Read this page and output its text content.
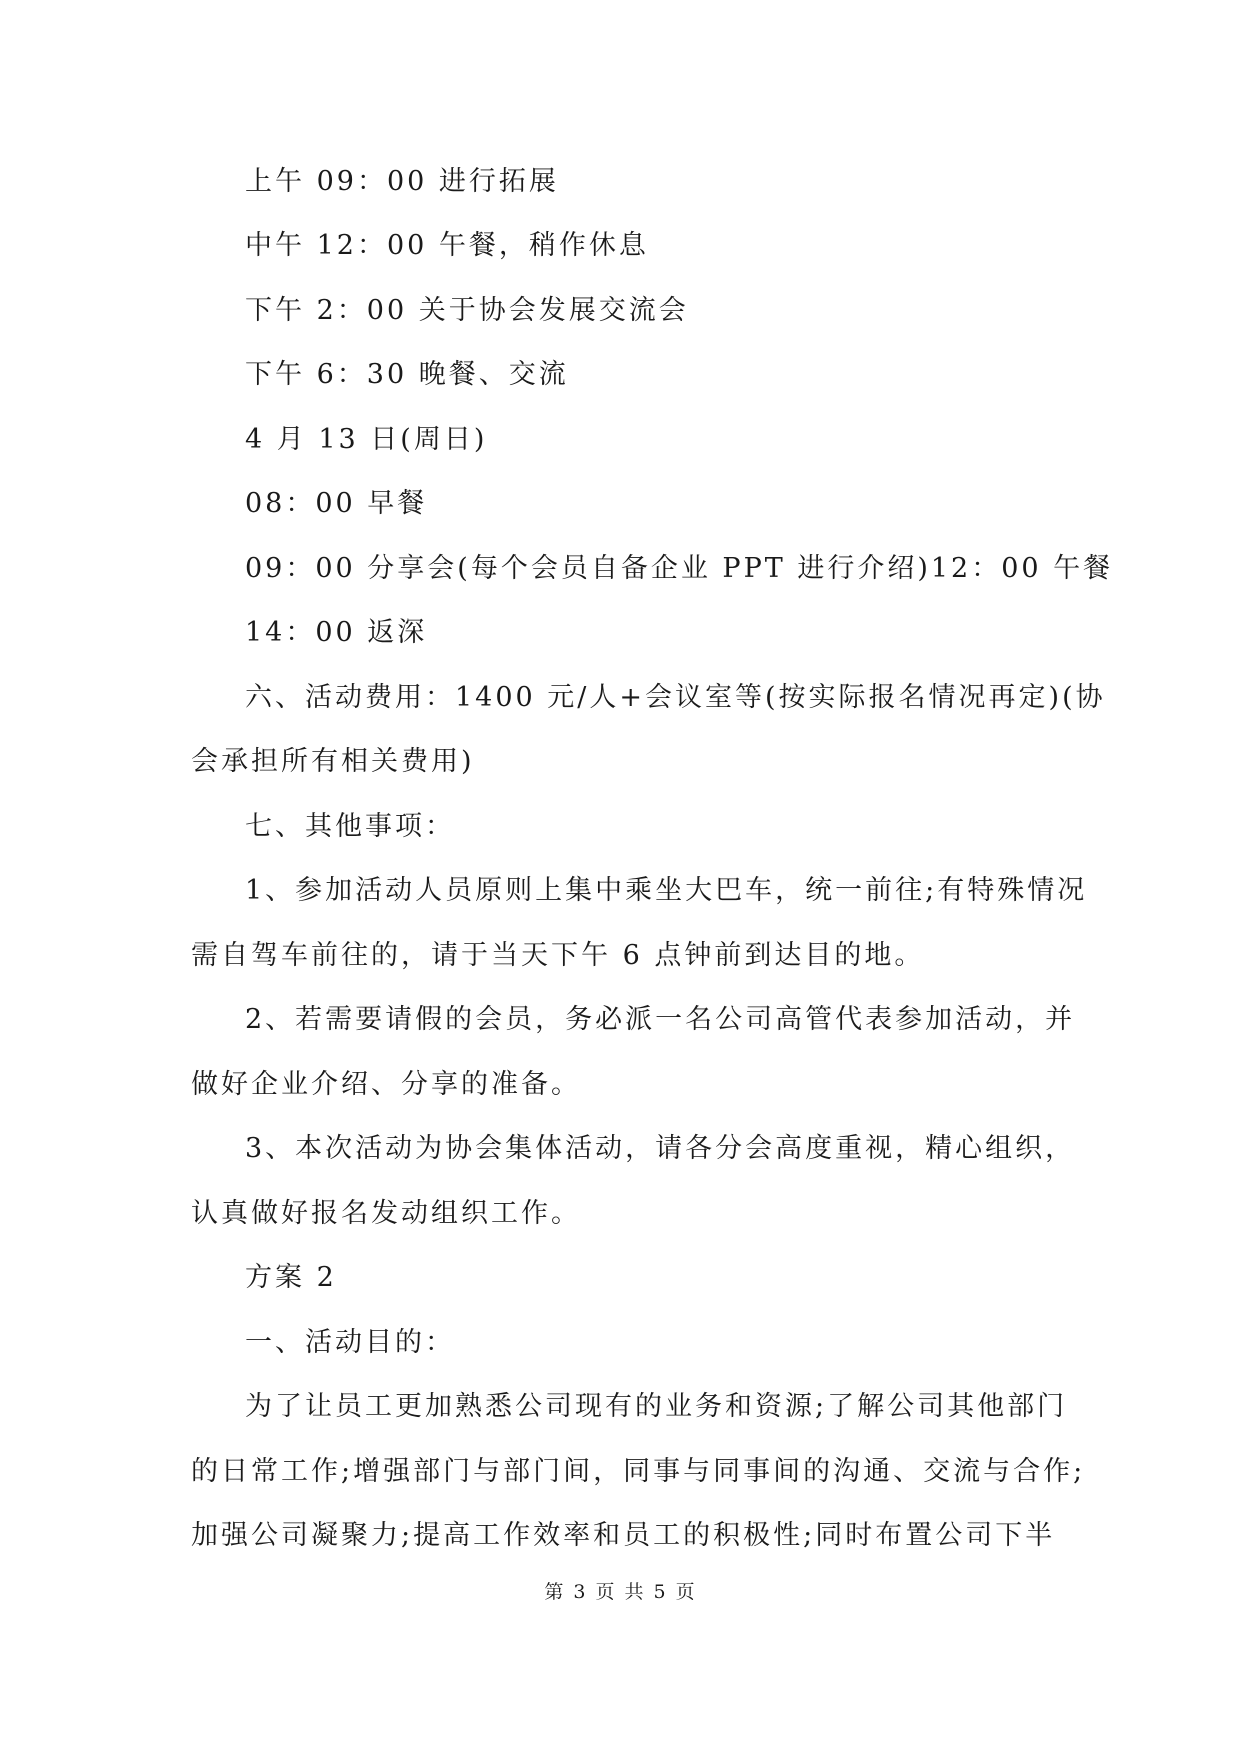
上午 09：00 进行拓展
中午 12：00 午餐，稍作休息
下午 2：00 关于协会发展交流会
下午 6：30 晚餐、交流
4 月 13 日(周日)
08：00 早餐
09：00 分享会(每个会员自备企业 PPT 进行介绍)12：00 午餐
14：00 返深
六、活动费用：1400 元/人+会议室等(按实际报名情况再定)(协
会承担所有相关费用)
七、其他事项：
1、参加活动人员原则上集中乘坐大巴车，统一前往;有特殊情况
需自驾车前往的，请于当天下午 6 点钟前到达目的地。
2、若需要请假的会员，务必派一名公司高管代表参加活动，并
做好企业介绍、分享的准备。
3、本次活动为协会集体活动，请各分会高度重视，精心组织，
认真做好报名发动组织工作。
方案 2
一、活动目的：
为了让员工更加熟悉公司现有的业务和资源;了解公司其他部门
的日常工作;增强部门与部门间，同事与同事间的沟通、交流与合作;
加强公司凝聚力;提高工作效率和员工的积极性;同时布置公司下半
第 3 页 共 5 页
